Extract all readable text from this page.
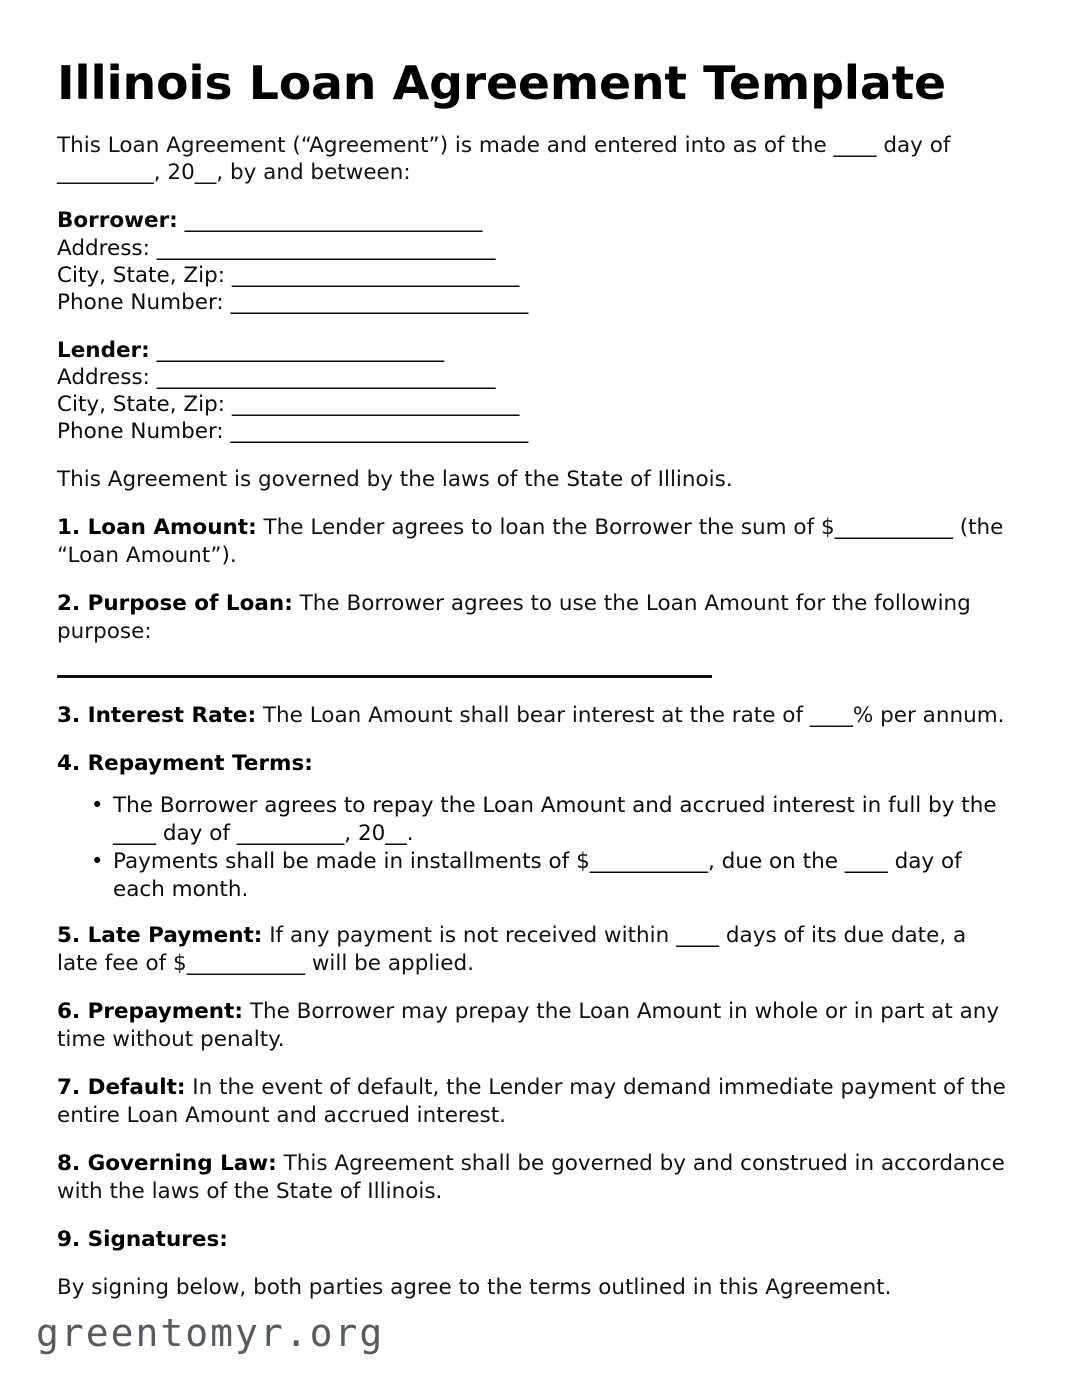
Illinois Loan Agreement Template

This Loan Agreement (“Agreement”) is made and entered into as of the ____ day of _________, 20__, by and between:

Borrower: _____________________________
Address: _________________________________
City, State, Zip: ____________________________
Phone Number: _____________________________
Lender: ____________________________
Address: _________________________________
City, State, Zip: ____________________________
Phone Number: _____________________________

This Agreement is governed by the laws of the State of Illinois.

1. Loan Amount: The Lender agrees to loan the Borrower the sum of $___________ (the “Loan Amount”).

2. Purpose of Loan: The Borrower agrees to use the Loan Amount for the following purpose:

3. Interest Rate: The Loan Amount shall bear interest at the rate of ____% per annum.

4. Repayment Terms:

• The Borrower agrees to repay the Loan Amount and accrued interest in full by the ____ day of __________, 20__.
• Payments shall be made in installments of $___________, due on the ____ day of each month.

5. Late Payment: If any payment is not received within ____ days of its due date, a late fee of $___________ will be applied.

6. Prepayment: The Borrower may prepay the Loan Amount in whole or in part at any time without penalty.

7. Default: In the event of default, the Lender may demand immediate payment of the entire Loan Amount and accrued interest.

8. Governing Law: This Agreement shall be governed by and construed in accordance with the laws of the State of Illinois.

9. Signatures:

By signing below, both parties agree to the terms outlined in this Agreement.

greentomyr.org
